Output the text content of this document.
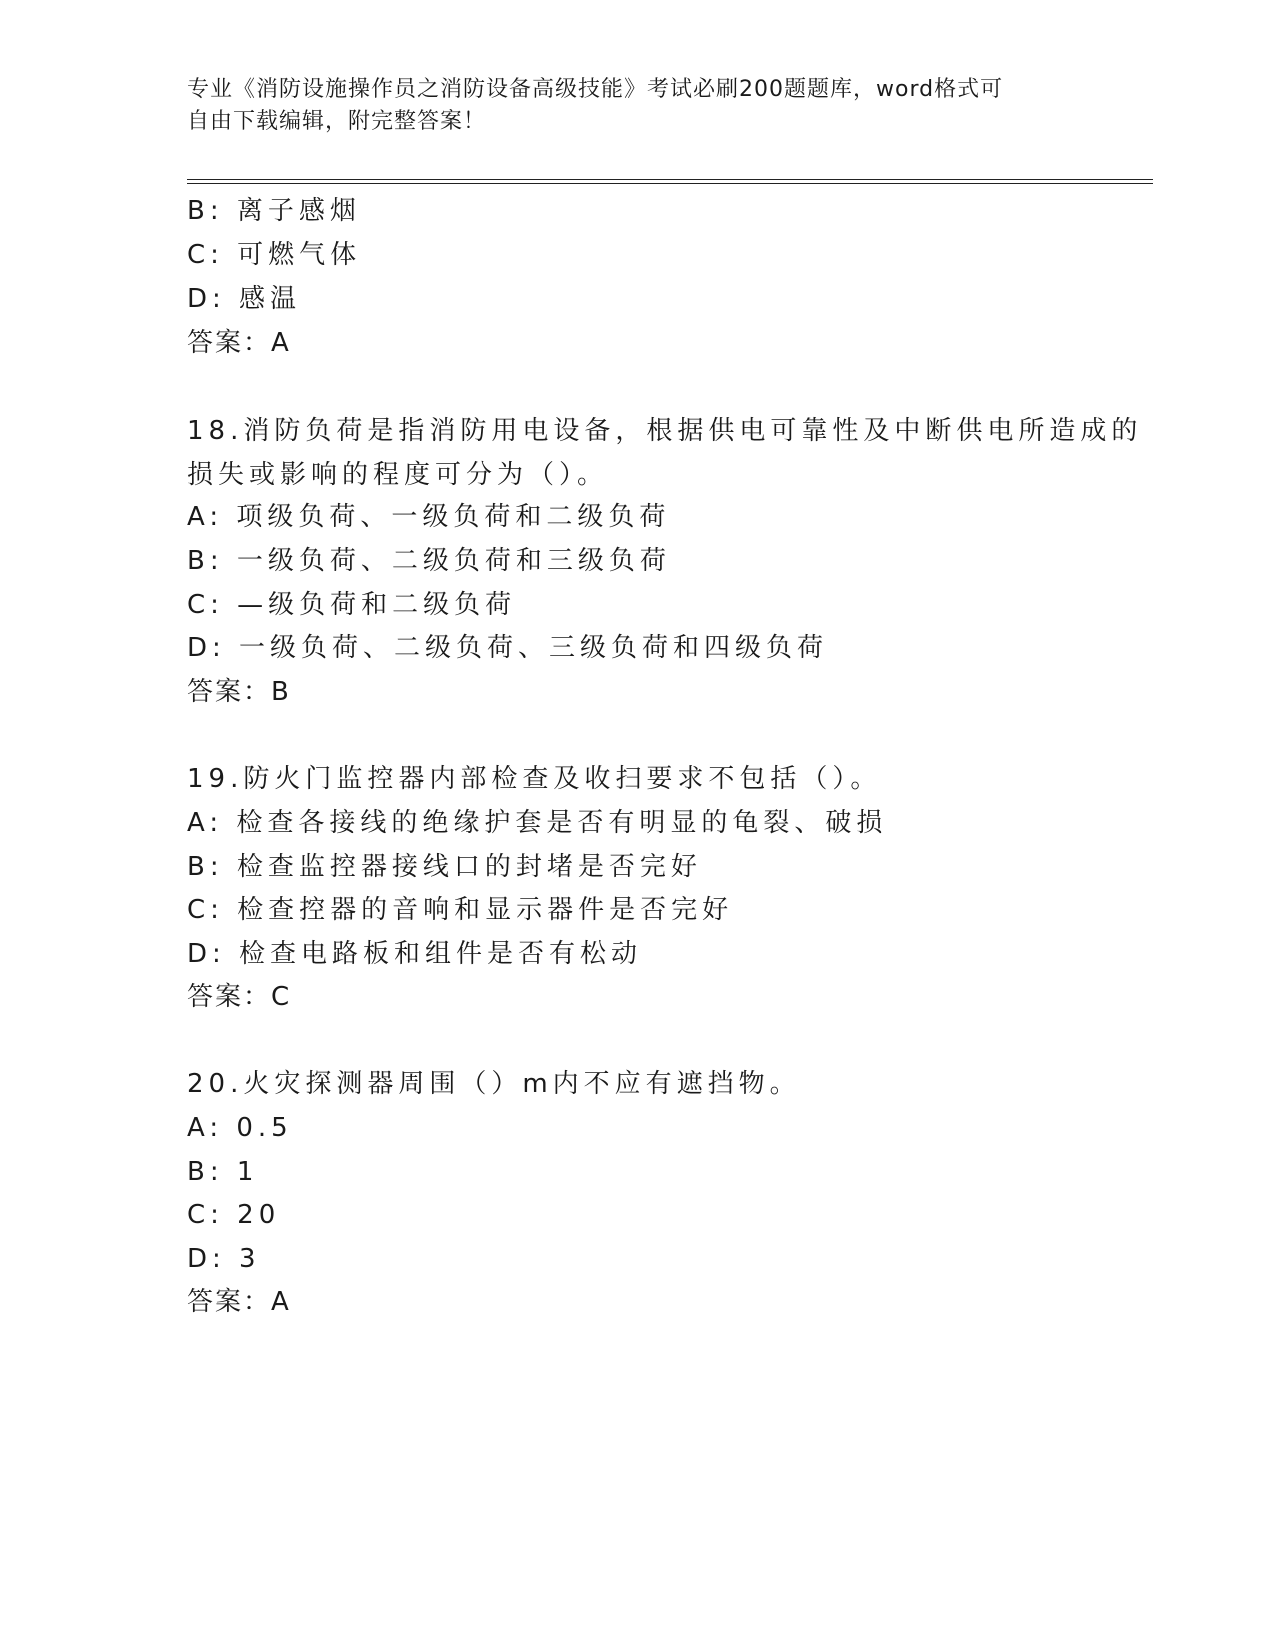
专业《消防设施操作员之消防设备高级技能》考试必刷200题题库，word格式可
自由下载编辑，附完整答案！
B: 离子感烟
C: 可燃气体
D: 感温
答案：A
18.消防负荷是指消防用电设备，根据供电可靠性及中断供电所造成的
损失或影响的程度可分为（）。
A: 项级负荷、一级负荷和二级负荷
B: 一级负荷、二级负荷和三级负荷
C: —级负荷和二级负荷
D: 一级负荷、二级负荷、三级负荷和四级负荷
答案：B
19.防火门监控器内部检查及收扫要求不包括（）。
A: 检查各接线的绝缘护套是否有明显的龟裂、破损
B: 检查监控器接线口的封堵是否完好
C: 检查控器的音响和显示器件是否完好
D: 检查电路板和组件是否有松动
答案：C
20.火灾探测器周围（）m内不应有遮挡物。
A: 0.5
B: 1
C: 20
D: 3
答案：A
